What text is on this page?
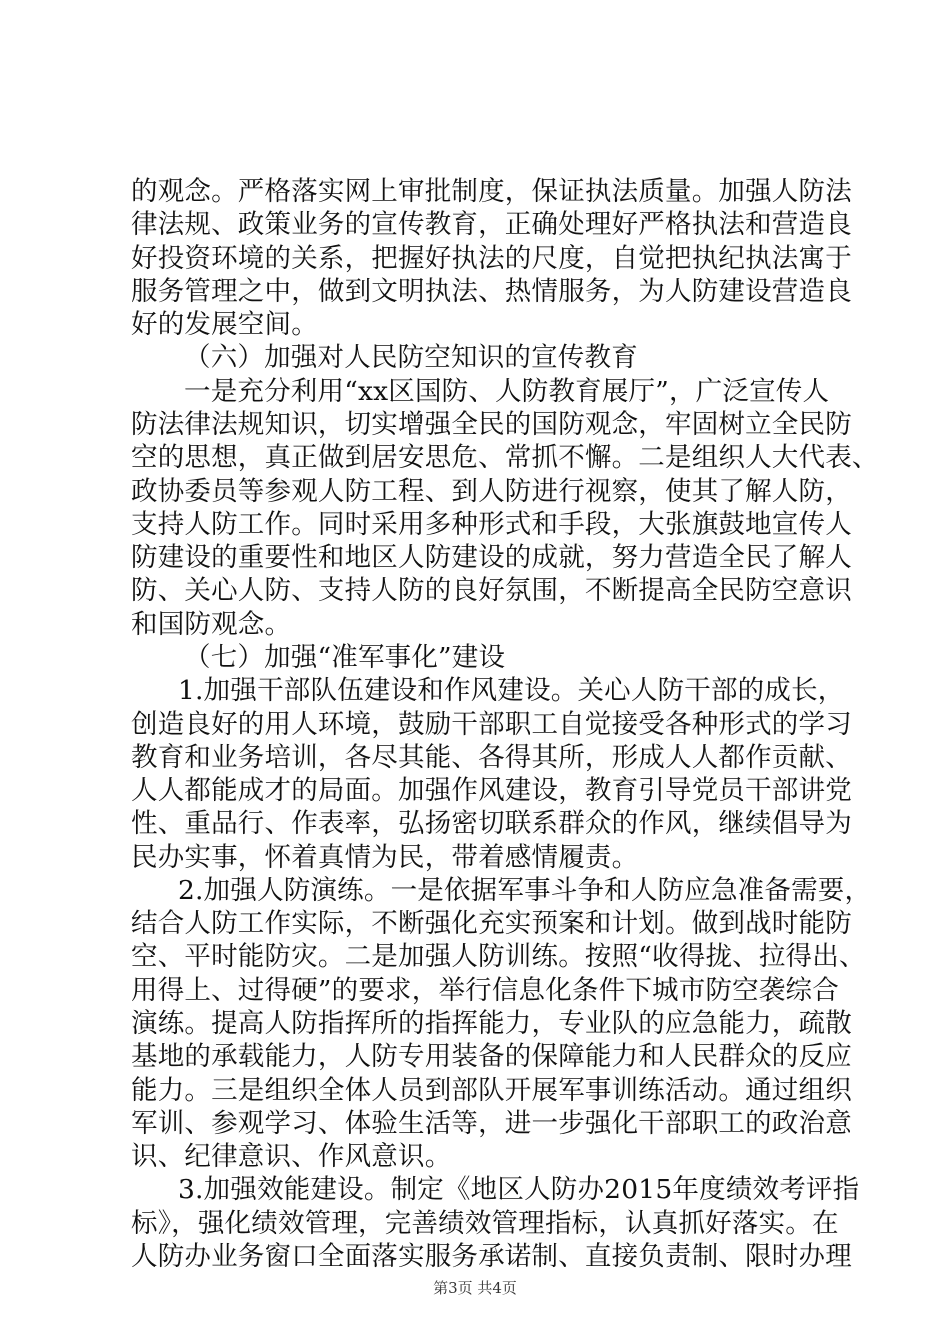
的观念。严格落实网上审批制度，保证执法质量。加强人防法
律法规、政策业务的宣传教育，正确处理好严格执法和营造良
好投资环境的关系，把握好执法的尺度，自觉把执纪执法寓于
服务管理之中，做到文明执法、热情服务，为人防建设营造良
好的发展空间。
（六）加强对人民防空知识的宣传教育
一是充分利用“xx区国防、人防教育展厅”，广泛宣传人
防法律法规知识，切实增强全民的国防观念，牢固树立全民防
空的思想，真正做到居安思危、常抓不懈。二是组织人大代表、
政协委员等参观人防工程、到人防进行视察，使其了解人防，
支持人防工作。同时采用多种形式和手段，大张旗鼓地宣传人
防建设的重要性和地区人防建设的成就，努力营造全民了解人
防、关心人防、支持人防的良好氛围，不断提高全民防空意识
和国防观念。
（七）加强“准军事化”建设
1.加强干部队伍建设和作风建设。关心人防干部的成长，
创造良好的用人环境，鼓励干部职工自觉接受各种形式的学习
教育和业务培训，各尽其能、各得其所，形成人人都作贡献、
人人都能成才的局面。加强作风建设，教育引导党员干部讲党
性、重品行、作表率，弘扬密切联系群众的作风，继续倡导为
民办实事，怀着真情为民，带着感情履责。
2.加强人防演练。一是依据军事斗争和人防应急准备需要，
结合人防工作实际，不断强化充实预案和计划。做到战时能防
空、平时能防灾。二是加强人防训练。按照“收得拢、拉得出、
用得上、过得硬”的要求，举行信息化条件下城市防空袭综合
演练。提高人防指挥所的指挥能力，专业队的应急能力，疏散
基地的承载能力，人防专用装备的保障能力和人民群众的反应
能力。三是组织全体人员到部队开展军事训练活动。通过组织
军训、参观学习、体验生活等，进一步强化干部职工的政治意
识、纪律意识、作风意识。
3.加强效能建设。制定《地区人防办2015年度绩效考评指
标》，强化绩效管理，完善绩效管理指标，认真抓好落实。在
人防办业务窗口全面落实服务承诺制、直接负责制、限时办理
第3页 共4页
